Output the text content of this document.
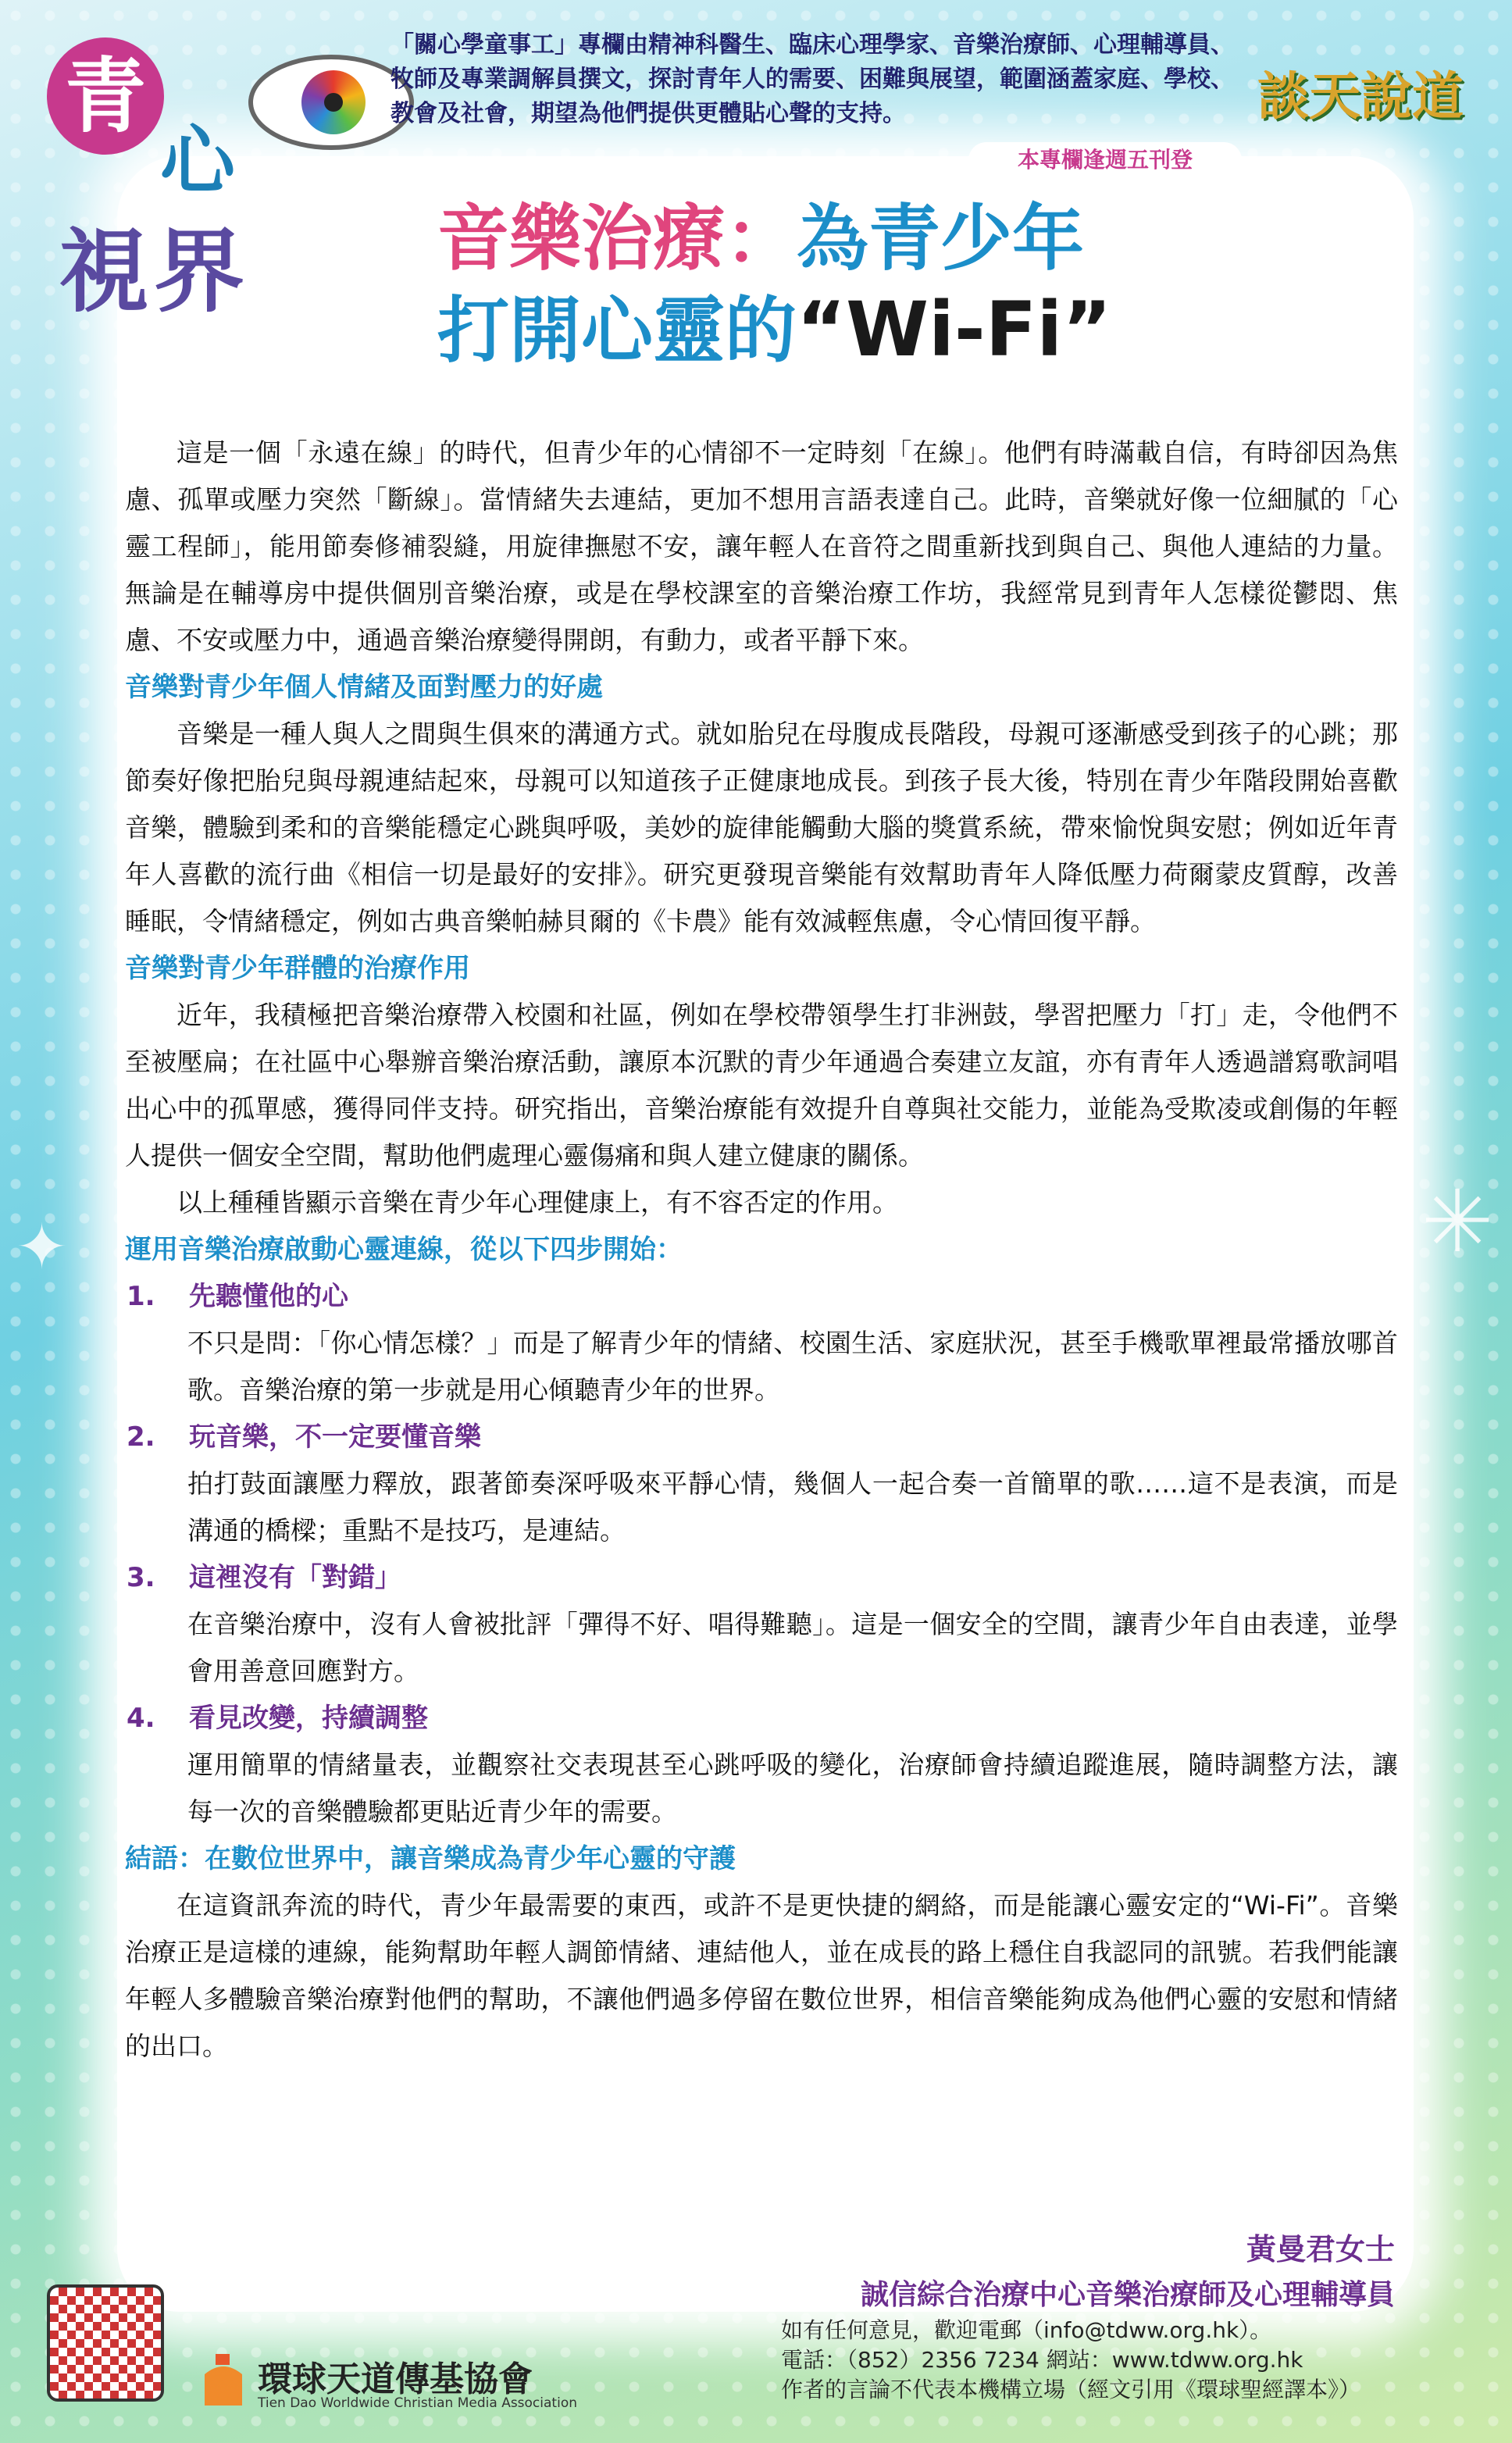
✳
✦
青
心
視界
「關心學童事工」專欄由精神科醫生、臨床心理學家、音樂治療師、心理輔導員、牧師及專業調解員撰文，探討青年人的需要、困難與展望，範圍涵蓋家庭、學校、教會及社會，期望為他們提供更體貼心聲的支持。	談天說道
本專欄逢週五刊登
音樂治療：為青少年
打開心靈的“Wi-Fi”

這是一個「永遠在線」的時代，但青少年的心情卻不一定時刻「在線」。他們有時滿載自信，有時卻因為焦慮、孤單或壓力突然「斷線」。當情緒失去連結，更加不想用言語表達自己。此時，音樂就好像一位細膩的「心靈工程師」，能用節奏修補裂縫，用旋律撫慰不安，讓年輕人在音符之間重新找到與自己、與他人連結的力量。無論是在輔導房中提供個別音樂治療，或是在學校課室的音樂治療工作坊，我經常見到青年人怎樣從鬱悶、焦慮、不安或壓力中，通過音樂治療變得開朗，有動力，或者平靜下來。

音樂對青少年個人情緒及面對壓力的好處

音樂是一種人與人之間與生俱來的溝通方式。就如胎兒在母腹成長階段，母親可逐漸感受到孩子的心跳；那節奏好像把胎兒與母親連結起來，母親可以知道孩子正健康地成長。到孩子長大後，特別在青少年階段開始喜歡音樂，體驗到柔和的音樂能穩定心跳與呼吸，美妙的旋律能觸動大腦的獎賞系統，帶來愉悅與安慰；例如近年青年人喜歡的流行曲《相信一切是最好的安排》。研究更發現音樂能有效幫助青年人降低壓力荷爾蒙皮質醇，改善睡眠，令情緒穩定，例如古典音樂帕赫貝爾的《卡農》能有效減輕焦慮，令心情回復平靜。

音樂對青少年群體的治療作用

近年，我積極把音樂治療帶入校園和社區，例如在學校帶領學生打非洲鼓，學習把壓力「打」走，令他們不至被壓扁；在社區中心舉辦音樂治療活動，讓原本沉默的青少年通過合奏建立友誼，亦有青年人透過譜寫歌詞唱出心中的孤單感，獲得同伴支持。研究指出，音樂治療能有效提升自尊與社交能力，並能為受欺凌或創傷的年輕人提供一個安全空間，幫助他們處理心靈傷痛和與人建立健康的關係。

以上種種皆顯示音樂在青少年心理健康上，有不容否定的作用。

運用音樂治療啟動心靈連線，從以下四步開始：
1. 先聽懂他的心

不只是問：「你心情怎樣？」而是了解青少年的情緒、校園生活、家庭狀況，甚至手機歌單裡最常播放哪首歌。音樂治療的第一步就是用心傾聽青少年的世界。

2. 玩音樂，不一定要懂音樂

拍打鼓面讓壓力釋放，跟著節奏深呼吸來平靜心情，幾個人一起合奏一首簡單的歌……這不是表演，而是溝通的橋樑；重點不是技巧，是連結。

3. 這裡沒有「對錯」

在音樂治療中，沒有人會被批評「彈得不好、唱得難聽」。這是一個安全的空間，讓青少年自由表達，並學會用善意回應對方。

4. 看見改變，持續調整

運用簡單的情緒量表，並觀察社交表現甚至心跳呼吸的變化，治療師會持續追蹤進展，隨時調整方法，讓每一次的音樂體驗都更貼近青少年的需要。

結語：在數位世界中，讓音樂成為青少年心靈的守護

在這資訊奔流的時代，青少年最需要的東西，或許不是更快捷的網絡，而是能讓心靈安定的“Wi-Fi”。音樂治療正是這樣的連線，能夠幫助年輕人調節情緒、連結他人，並在成長的路上穩住自我認同的訊號。若我們能讓年輕人多體驗音樂治療對他們的幫助，不讓他們過多停留在數位世界，相信音樂能夠成為他們心靈的安慰和情緒的出口。

黃曼君女士
誠信綜合治療中心音樂治療師及心理輔導員
環球天道傳基協會
Tien Dao Worldwide Christian Media Association
如有任何意見，歡迎電郵（info@tdww.org.hk）。
電話：（852）2356 7234 網站：www.tdww.org.hk
作者的言論不代表本機構立場（經文引用《環球聖經譯本》）
